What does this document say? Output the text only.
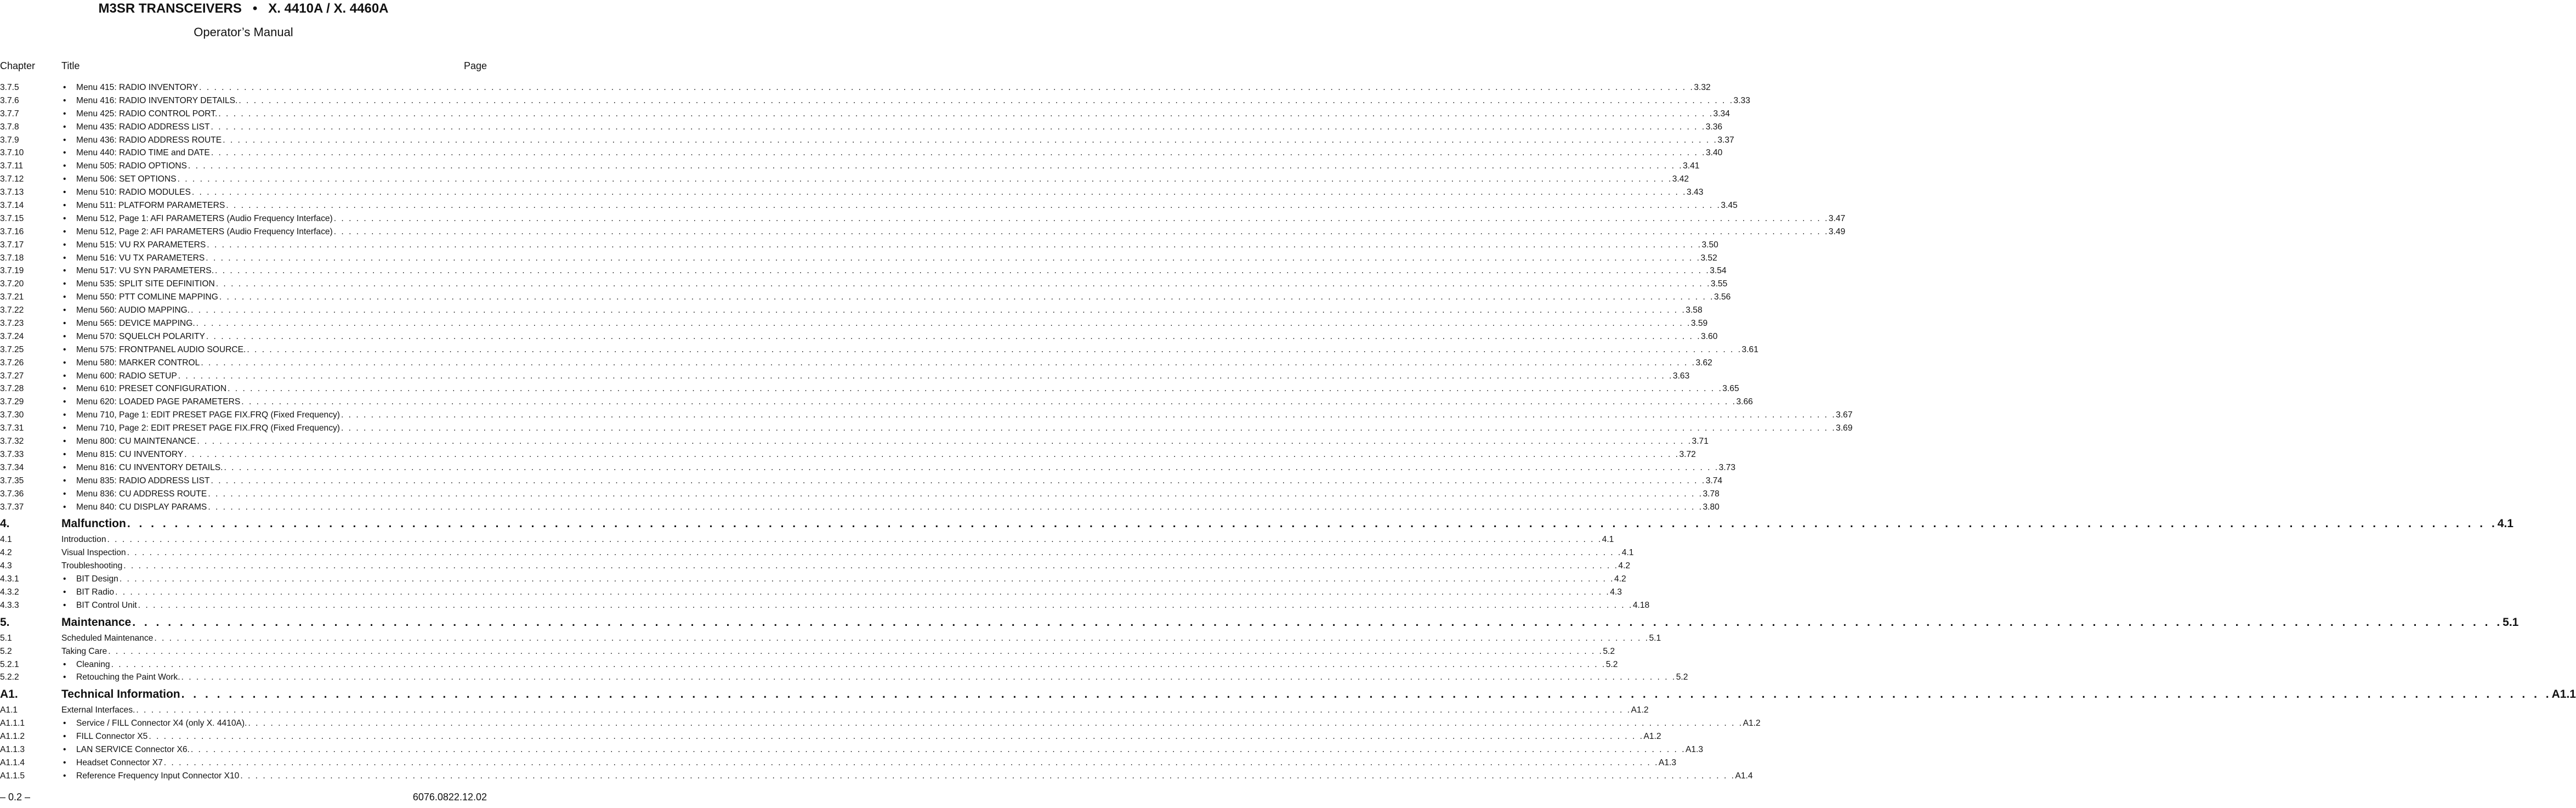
M3SR TRANSCEIVERS   •   X. 4410A / X. 4460A
Operator’s Manual
Chapter	Title	Page
3.7.5	• Menu 415: RADIO INVENTORY . . . . . . . . . . . . . . . . . . . . . . . . . . . . . . . . . . . . . . . . . . . . . . . . . . . . . . . . . . . . . . . . . . . . . . . . . . . . . . . . . . . . . . . . . . . . . . . . . . . . . . . . . . . . . . . . . . . . . . . . . . . . . . . . . . . . . . . . . . . . . . . . . . . . . . . . . . . . . . . . . . . . . . . . . . . . . . . . . . . . . . . . . . . . . . . . . . . . . . . . 3.32
3.7.6	• Menu 416: RADIO INVENTORY DETAILS. . . . . . . . . . . . . . . . . . . . . . . . . . . . . . . . . . . . . . . . . . . . . . . . . . . . . . . . . . . . . . . . . . . . . . . . . . . . . . . . . . . . . . . . . . . . . . . . . . . . . . . . . . . . . . . . . . . . . . . . . . . . . . . . . . . . . . . . . . . . . . . . . . . . . . . . . . . . . . . . . . . . . . . . . . . . . . . . . . . . . . . . . . . . . . . . . . . . . . . . . 3.33
3.7.7	• Menu 425: RADIO CONTROL PORT. . . . . . . . . . . . . . . . . . . . . . . . . . . . . . . . . . . . . . . . . . . . . . . . . . . . . . . . . . . . . . . . . . . . . . . . . . . . . . . . . . . . . . . . . . . . . . . . . . . . . . . . . . . . . . . . . . . . . . . . . . . . . . . . . . . . . . . . . . . . . . . . . . . . . . . . . . . . . . . . . . . . . . . . . . . . . . . . . . . . . . . . . . . . . . . . . . . . . . . . . 3.34
3.7.8	• Menu 435: RADIO ADDRESS LIST . . . . . . . . . . . . . . . . . . . . . . . . . . . . . . . . . . . . . . . . . . . . . . . . . . . . . . . . . . . . . . . . . . . . . . . . . . . . . . . . . . . . . . . . . . . . . . . . . . . . . . . . . . . . . . . . . . . . . . . . . . . . . . . . . . . . . . . . . . . . . . . . . . . . . . . . . . . . . . . . . . . . . . . . . . . . . . . . . . . . . . . . . . . . . . . . . . . . . . . . 3.36
3.7.9	• Menu 436: RADIO ADDRESS ROUTE . . . . . . . . . . . . . . . . . . . . . . . . . . . . . . . . . . . . . . . . . . . . . . . . . . . . . . . . . . . . . . . . . . . . . . . . . . . . . . . . . . . . . . . . . . . . . . . . . . . . . . . . . . . . . . . . . . . . . . . . . . . . . . . . . . . . . . . . . . . . . . . . . . . . . . . . . . . . . . . . . . . . . . . . . . . . . . . . . . . . . . . . . . . . . . . . . . . . . . . . 3.37
3.7.10	• Menu 440: RADIO TIME and DATE . . . . . . . . . . . . . . . . . . . . . . . . . . . . . . . . . . . . . . . . . . . . . . . . . . . . . . . . . . . . . . . . . . . . . . . . . . . . . . . . . . . . . . . . . . . . . . . . . . . . . . . . . . . . . . . . . . . . . . . . . . . . . . . . . . . . . . . . . . . . . . . . . . . . . . . . . . . . . . . . . . . . . . . . . . . . . . . . . . . . . . . . . . . . . . . . . . . . . . . . 3.40
3.7.11	• Menu 505: RADIO OPTIONS . . . . . . . . . . . . . . . . . . . . . . . . . . . . . . . . . . . . . . . . . . . . . . . . . . . . . . . . . . . . . . . . . . . . . . . . . . . . . . . . . . . . . . . . . . . . . . . . . . . . . . . . . . . . . . . . . . . . . . . . . . . . . . . . . . . . . . . . . . . . . . . . . . . . . . . . . . . . . . . . . . . . . . . . . . . . . . . . . . . . . . . . . . . . . . . . . . . . . . . . 3.41
3.7.12	• Menu 506: SET OPTIONS . . . . . . . . . . . . . . . . . . . . . . . . . . . . . . . . . . . . . . . . . . . . . . . . . . . . . . . . . . . . . . . . . . . . . . . . . . . . . . . . . . . . . . . . . . . . . . . . . . . . . . . . . . . . . . . . . . . . . . . . . . . . . . . . . . . . . . . . . . . . . . . . . . . . . . . . . . . . . . . . . . . . . . . . . . . . . . . . . . . . . . . . . . . . . . . . . . . . . . . . 3.42
3.7.13	• Menu 510: RADIO MODULES . . . . . . . . . . . . . . . . . . . . . . . . . . . . . . . . . . . . . . . . . . . . . . . . . . . . . . . . . . . . . . . . . . . . . . . . . . . . . . . . . . . . . . . . . . . . . . . . . . . . . . . . . . . . . . . . . . . . . . . . . . . . . . . . . . . . . . . . . . . . . . . . . . . . . . . . . . . . . . . . . . . . . . . . . . . . . . . . . . . . . . . . . . . . . . . . . . . . . . . . 3.43
3.7.14	• Menu 511: PLATFORM PARAMETERS . . . . . . . . . . . . . . . . . . . . . . . . . . . . . . . . . . . . . . . . . . . . . . . . . . . . . . . . . . . . . . . . . . . . . . . . . . . . . . . . . . . . . . . . . . . . . . . . . . . . . . . . . . . . . . . . . . . . . . . . . . . . . . . . . . . . . . . . . . . . . . . . . . . . . . . . . . . . . . . . . . . . . . . . . . . . . . . . . . . . . . . . . . . . . . . . . . . . . . . . 3.45
3.7.15	• Menu 512, Page 1: AFI PARAMETERS (Audio Frequency Interface) . . . . . . . . . . . . . . . . . . . . . . . . . . . . . . . . . . . . . . . . . . . . . . . . . . . . . . . . . . . . . . . . . . . . . . . . . . . . . . . . . . . . . . . . . . . . . . . . . . . . . . . . . . . . . . . . . . . . . . . . . . . . . . . . . . . . . . . . . . . . . . . . . . . . . . . . . . . . . . . . . . . . . . . . . . . . . . . . . . . . . . . . . . . . . . . . . . . . . . . . 3.47
3.7.16	• Menu 512, Page 2: AFI PARAMETERS (Audio Frequency Interface) . . . . . . . . . . . . . . . . . . . . . . . . . . . . . . . . . . . . . . . . . . . . . . . . . . . . . . . . . . . . . . . . . . . . . . . . . . . . . . . . . . . . . . . . . . . . . . . . . . . . . . . . . . . . . . . . . . . . . . . . . . . . . . . . . . . . . . . . . . . . . . . . . . . . . . . . . . . . . . . . . . . . . . . . . . . . . . . . . . . . . . . . . . . . . . . . . . . . . . . . 3.49
3.7.17	• Menu 515: VU RX PARAMETERS . . . . . . . . . . . . . . . . . . . . . . . . . . . . . . . . . . . . . . . . . . . . . . . . . . . . . . . . . . . . . . . . . . . . . . . . . . . . . . . . . . . . . . . . . . . . . . . . . . . . . . . . . . . . . . . . . . . . . . . . . . . . . . . . . . . . . . . . . . . . . . . . . . . . . . . . . . . . . . . . . . . . . . . . . . . . . . . . . . . . . . . . . . . . . . . . . . . . . . . . 3.50
3.7.18	• Menu 516: VU TX PARAMETERS . . . . . . . . . . . . . . . . . . . . . . . . . . . . . . . . . . . . . . . . . . . . . . . . . . . . . . . . . . . . . . . . . . . . . . . . . . . . . . . . . . . . . . . . . . . . . . . . . . . . . . . . . . . . . . . . . . . . . . . . . . . . . . . . . . . . . . . . . . . . . . . . . . . . . . . . . . . . . . . . . . . . . . . . . . . . . . . . . . . . . . . . . . . . . . . . . . . . . . . . 3.52
3.7.19	• Menu 517: VU SYN PARAMETERS. . . . . . . . . . . . . . . . . . . . . . . . . . . . . . . . . . . . . . . . . . . . . . . . . . . . . . . . . . . . . . . . . . . . . . . . . . . . . . . . . . . . . . . . . . . . . . . . . . . . . . . . . . . . . . . . . . . . . . . . . . . . . . . . . . . . . . . . . . . . . . . . . . . . . . . . . . . . . . . . . . . . . . . . . . . . . . . . . . . . . . . . . . . . . . . . . . . . . . . . . 3.54
3.7.20	• Menu 535: SPLIT SITE DEFINITION . . . . . . . . . . . . . . . . . . . . . . . . . . . . . . . . . . . . . . . . . . . . . . . . . . . . . . . . . . . . . . . . . . . . . . . . . . . . . . . . . . . . . . . . . . . . . . . . . . . . . . . . . . . . . . . . . . . . . . . . . . . . . . . . . . . . . . . . . . . . . . . . . . . . . . . . . . . . . . . . . . . . . . . . . . . . . . . . . . . . . . . . . . . . . . . . . . . . . . . . 3.55
3.7.21	• Menu 550: PTT COMLINE MAPPING . . . . . . . . . . . . . . . . . . . . . . . . . . . . . . . . . . . . . . . . . . . . . . . . . . . . . . . . . . . . . . . . . . . . . . . . . . . . . . . . . . . . . . . . . . . . . . . . . . . . . . . . . . . . . . . . . . . . . . . . . . . . . . . . . . . . . . . . . . . . . . . . . . . . . . . . . . . . . . . . . . . . . . . . . . . . . . . . . . . . . . . . . . . . . . . . . . . . . . . . 3.56
3.7.22	• Menu 560: AUDIO MAPPING. . . . . . . . . . . . . . . . . . . . . . . . . . . . . . . . . . . . . . . . . . . . . . . . . . . . . . . . . . . . . . . . . . . . . . . . . . . . . . . . . . . . . . . . . . . . . . . . . . . . . . . . . . . . . . . . . . . . . . . . . . . . . . . . . . . . . . . . . . . . . . . . . . . . . . . . . . . . . . . . . . . . . . . . . . . . . . . . . . . . . . . . . . . . . . . . . . . . . . . . . 3.58
3.7.23	• Menu 565: DEVICE MAPPING. . . . . . . . . . . . . . . . . . . . . . . . . . . . . . . . . . . . . . . . . . . . . . . . . . . . . . . . . . . . . . . . . . . . . . . . . . . . . . . . . . . . . . . . . . . . . . . . . . . . . . . . . . . . . . . . . . . . . . . . . . . . . . . . . . . . . . . . . . . . . . . . . . . . . . . . . . . . . . . . . . . . . . . . . . . . . . . . . . . . . . . . . . . . . . . . . . . . . . . . . 3.59
3.7.24	• Menu 570: SQUELCH POLARITY . . . . . . . . . . . . . . . . . . . . . . . . . . . . . . . . . . . . . . . . . . . . . . . . . . . . . . . . . . . . . . . . . . . . . . . . . . . . . . . . . . . . . . . . . . . . . . . . . . . . . . . . . . . . . . . . . . . . . . . . . . . . . . . . . . . . . . . . . . . . . . . . . . . . . . . . . . . . . . . . . . . . . . . . . . . . . . . . . . . . . . . . . . . . . . . . . . . . . . . . 3.60
3.7.25	• Menu 575: FRONTPANEL AUDIO SOURCE. . . . . . . . . . . . . . . . . . . . . . . . . . . . . . . . . . . . . . . . . . . . . . . . . . . . . . . . . . . . . . . . . . . . . . . . . . . . . . . . . . . . . . . . . . . . . . . . . . . . . . . . . . . . . . . . . . . . . . . . . . . . . . . . . . . . . . . . . . . . . . . . . . . . . . . . . . . . . . . . . . . . . . . . . . . . . . . . . . . . . . . . . . . . . . . . . . . . . . . . . 3.61
3.7.26	• Menu 580: MARKER CONTROL . . . . . . . . . . . . . . . . . . . . . . . . . . . . . . . . . . . . . . . . . . . . . . . . . . . . . . . . . . . . . . . . . . . . . . . . . . . . . . . . . . . . . . . . . . . . . . . . . . . . . . . . . . . . . . . . . . . . . . . . . . . . . . . . . . . . . . . . . . . . . . . . . . . . . . . . . . . . . . . . . . . . . . . . . . . . . . . . . . . . . . . . . . . . . . . . . . . . . . . . 3.62
3.7.27	• Menu 600: RADIO SETUP . . . . . . . . . . . . . . . . . . . . . . . . . . . . . . . . . . . . . . . . . . . . . . . . . . . . . . . . . . . . . . . . . . . . . . . . . . . . . . . . . . . . . . . . . . . . . . . . . . . . . . . . . . . . . . . . . . . . . . . . . . . . . . . . . . . . . . . . . . . . . . . . . . . . . . . . . . . . . . . . . . . . . . . . . . . . . . . . . . . . . . . . . . . . . . . . . . . . . . . . 3.63
3.7.28	• Menu 610: PRESET CONFIGURATION . . . . . . . . . . . . . . . . . . . . . . . . . . . . . . . . . . . . . . . . . . . . . . . . . . . . . . . . . . . . . . . . . . . . . . . . . . . . . . . . . . . . . . . . . . . . . . . . . . . . . . . . . . . . . . . . . . . . . . . . . . . . . . . . . . . . . . . . . . . . . . . . . . . . . . . . . . . . . . . . . . . . . . . . . . . . . . . . . . . . . . . . . . . . . . . . . . . . . . . . 3.65
3.7.29	• Menu 620: LOADED PAGE PARAMETERS . . . . . . . . . . . . . . . . . . . . . . . . . . . . . . . . . . . . . . . . . . . . . . . . . . . . . . . . . . . . . . . . . . . . . . . . . . . . . . . . . . . . . . . . . . . . . . . . . . . . . . . . . . . . . . . . . . . . . . . . . . . . . . . . . . . . . . . . . . . . . . . . . . . . . . . . . . . . . . . . . . . . . . . . . . . . . . . . . . . . . . . . . . . . . . . . . . . . . . . . 3.66
3.7.30	• Menu 710, Page 1: EDIT PRESET PAGE FIX.FRQ (Fixed Frequency) . . . . . . . . . . . . . . . . . . . . . . . . . . . . . . . . . . . . . . . . . . . . . . . . . . . . . . . . . . . . . . . . . . . . . . . . . . . . . . . . . . . . . . . . . . . . . . . . . . . . . . . . . . . . . . . . . . . . . . . . . . . . . . . . . . . . . . . . . . . . . . . . . . . . . . . . . . . . . . . . . . . . . . . . . . . . . . . . . . . . . . . . . . . . . . . . . . . . . . . . 3.67
3.7.31	• Menu 710, Page 2: EDIT PRESET PAGE FIX.FRQ (Fixed Frequency) . . . . . . . . . . . . . . . . . . . . . . . . . . . . . . . . . . . . . . . . . . . . . . . . . . . . . . . . . . . . . . . . . . . . . . . . . . . . . . . . . . . . . . . . . . . . . . . . . . . . . . . . . . . . . . . . . . . . . . . . . . . . . . . . . . . . . . . . . . . . . . . . . . . . . . . . . . . . . . . . . . . . . . . . . . . . . . . . . . . . . . . . . . . . . . . . . . . . . . . . 3.69
3.7.32	• Menu 800: CU MAINTENANCE . . . . . . . . . . . . . . . . . . . . . . . . . . . . . . . . . . . . . . . . . . . . . . . . . . . . . . . . . . . . . . . . . . . . . . . . . . . . . . . . . . . . . . . . . . . . . . . . . . . . . . . . . . . . . . . . . . . . . . . . . . . . . . . . . . . . . . . . . . . . . . . . . . . . . . . . . . . . . . . . . . . . . . . . . . . . . . . . . . . . . . . . . . . . . . . . . . . . . . . . 3.71
3.7.33	• Menu 815: CU INVENTORY . . . . . . . . . . . . . . . . . . . . . . . . . . . . . . . . . . . . . . . . . . . . . . . . . . . . . . . . . . . . . . . . . . . . . . . . . . . . . . . . . . . . . . . . . . . . . . . . . . . . . . . . . . . . . . . . . . . . . . . . . . . . . . . . . . . . . . . . . . . . . . . . . . . . . . . . . . . . . . . . . . . . . . . . . . . . . . . . . . . . . . . . . . . . . . . . . . . . . . . . 3.72
3.7.34	• Menu 816: CU INVENTORY DETAILS. . . . . . . . . . . . . . . . . . . . . . . . . . . . . . . . . . . . . . . . . . . . . . . . . . . . . . . . . . . . . . . . . . . . . . . . . . . . . . . . . . . . . . . . . . . . . . . . . . . . . . . . . . . . . . . . . . . . . . . . . . . . . . . . . . . . . . . . . . . . . . . . . . . . . . . . . . . . . . . . . . . . . . . . . . . . . . . . . . . . . . . . . . . . . . . . . . . . . . . . . 3.73
3.7.35	• Menu 835: RADIO ADDRESS LIST . . . . . . . . . . . . . . . . . . . . . . . . . . . . . . . . . . . . . . . . . . . . . . . . . . . . . . . . . . . . . . . . . . . . . . . . . . . . . . . . . . . . . . . . . . . . . . . . . . . . . . . . . . . . . . . . . . . . . . . . . . . . . . . . . . . . . . . . . . . . . . . . . . . . . . . . . . . . . . . . . . . . . . . . . . . . . . . . . . . . . . . . . . . . . . . . . . . . . . . . 3.74
3.7.36	• Menu 836: CU ADDRESS ROUTE . . . . . . . . . . . . . . . . . . . . . . . . . . . . . . . . . . . . . . . . . . . . . . . . . . . . . . . . . . . . . . . . . . . . . . . . . . . . . . . . . . . . . . . . . . . . . . . . . . . . . . . . . . . . . . . . . . . . . . . . . . . . . . . . . . . . . . . . . . . . . . . . . . . . . . . . . . . . . . . . . . . . . . . . . . . . . . . . . . . . . . . . . . . . . . . . . . . . . . . . 3.78
3.7.37	• Menu 840: CU DISPLAY PARAMS . . . . . . . . . . . . . . . . . . . . . . . . . . . . . . . . . . . . . . . . . . . . . . . . . . . . . . . . . . . . . . . . . . . . . . . . . . . . . . . . . . . . . . . . . . . . . . . . . . . . . . . . . . . . . . . . . . . . . . . . . . . . . . . . . . . . . . . . . . . . . . . . . . . . . . . . . . . . . . . . . . . . . . . . . . . . . . . . . . . . . . . . . . . . . . . . . . . . . . . . 3.80
4.	Malfunction . . . . . . . . . . . . . . . . . . . . . . . . . . . . . . . . . . . . . . . . . . . . . . . . . . . . . . . . . . . . . . . . . . . . . . . . . . . . . . . . . . . . . . . . . . . . . . . . . . . . . . . . . . . . . . . . . . . . . . . . . . . . . . . . . . . . . . . . . . . . . . . . . . . . . . . . . . . . . . . . . . . . . . . . . . . . . . . . . . . . . . . . . . . . . . . . . . . . . . . . 4.1
4.1	Introduction . . . . . . . . . . . . . . . . . . . . . . . . . . . . . . . . . . . . . . . . . . . . . . . . . . . . . . . . . . . . . . . . . . . . . . . . . . . . . . . . . . . . . . . . . . . . . . . . . . . . . . . . . . . . . . . . . . . . . . . . . . . . . . . . . . . . . . . . . . . . . . . . . . . . . . . . . . . . . . . . . . . . . . . . . . . . . . . . . . . . . . . . . . . . . . . . . . . . . . . . 4.1
4.2	Visual Inspection . . . . . . . . . . . . . . . . . . . . . . . . . . . . . . . . . . . . . . . . . . . . . . . . . . . . . . . . . . . . . . . . . . . . . . . . . . . . . . . . . . . . . . . . . . . . . . . . . . . . . . . . . . . . . . . . . . . . . . . . . . . . . . . . . . . . . . . . . . . . . . . . . . . . . . . . . . . . . . . . . . . . . . . . . . . . . . . . . . . . . . . . . . . . . . . . . . . . . . . . 4.1
4.3	Troubleshooting . . . . . . . . . . . . . . . . . . . . . . . . . . . . . . . . . . . . . . . . . . . . . . . . . . . . . . . . . . . . . . . . . . . . . . . . . . . . . . . . . . . . . . . . . . . . . . . . . . . . . . . . . . . . . . . . . . . . . . . . . . . . . . . . . . . . . . . . . . . . . . . . . . . . . . . . . . . . . . . . . . . . . . . . . . . . . . . . . . . . . . . . . . . . . . . . . . . . . . . . 4.2
4.3.1	• BIT Design . . . . . . . . . . . . . . . . . . . . . . . . . . . . . . . . . . . . . . . . . . . . . . . . . . . . . . . . . . . . . . . . . . . . . . . . . . . . . . . . . . . . . . . . . . . . . . . . . . . . . . . . . . . . . . . . . . . . . . . . . . . . . . . . . . . . . . . . . . . . . . . . . . . . . . . . . . . . . . . . . . . . . . . . . . . . . . . . . . . . . . . . . . . . . . . . . . . . . . . . 4.2
4.3.2	• BIT Radio . . . . . . . . . . . . . . . . . . . . . . . . . . . . . . . . . . . . . . . . . . . . . . . . . . . . . . . . . . . . . . . . . . . . . . . . . . . . . . . . . . . . . . . . . . . . . . . . . . . . . . . . . . . . . . . . . . . . . . . . . . . . . . . . . . . . . . . . . . . . . . . . . . . . . . . . . . . . . . . . . . . . . . . . . . . . . . . . . . . . . . . . . . . . . . . . . . . . . . . . 4.3
4.3.3	• BIT Control Unit . . . . . . . . . . . . . . . . . . . . . . . . . . . . . . . . . . . . . . . . . . . . . . . . . . . . . . . . . . . . . . . . . . . . . . . . . . . . . . . . . . . . . . . . . . . . . . . . . . . . . . . . . . . . . . . . . . . . . . . . . . . . . . . . . . . . . . . . . . . . . . . . . . . . . . . . . . . . . . . . . . . . . . . . . . . . . . . . . . . . . . . . . . . . . . . . . . . . . . . . 4.18
5.	Maintenance . . . . . . . . . . . . . . . . . . . . . . . . . . . . . . . . . . . . . . . . . . . . . . . . . . . . . . . . . . . . . . . . . . . . . . . . . . . . . . . . . . . . . . . . . . . . . . . . . . . . . . . . . . . . . . . . . . . . . . . . . . . . . . . . . . . . . . . . . . . . . . . . . . . . . . . . . . . . . . . . . . . . . . . . . . . . . . . . . . . . . . . . . . . . . . . . . . . . . . . . 5.1
5.1	Scheduled Maintenance . . . . . . . . . . . . . . . . . . . . . . . . . . . . . . . . . . . . . . . . . . . . . . . . . . . . . . . . . . . . . . . . . . . . . . . . . . . . . . . . . . . . . . . . . . . . . . . . . . . . . . . . . . . . . . . . . . . . . . . . . . . . . . . . . . . . . . . . . . . . . . . . . . . . . . . . . . . . . . . . . . . . . . . . . . . . . . . . . . . . . . . . . . . . . . . . . . . . . . . . 5.1
5.2	Taking Care . . . . . . . . . . . . . . . . . . . . . . . . . . . . . . . . . . . . . . . . . . . . . . . . . . . . . . . . . . . . . . . . . . . . . . . . . . . . . . . . . . . . . . . . . . . . . . . . . . . . . . . . . . . . . . . . . . . . . . . . . . . . . . . . . . . . . . . . . . . . . . . . . . . . . . . . . . . . . . . . . . . . . . . . . . . . . . . . . . . . . . . . . . . . . . . . . . . . . . . . 5.2
5.2.1	• Cleaning . . . . . . . . . . . . . . . . . . . . . . . . . . . . . . . . . . . . . . . . . . . . . . . . . . . . . . . . . . . . . . . . . . . . . . . . . . . . . . . . . . . . . . . . . . . . . . . . . . . . . . . . . . . . . . . . . . . . . . . . . . . . . . . . . . . . . . . . . . . . . . . . . . . . . . . . . . . . . . . . . . . . . . . . . . . . . . . . . . . . . . . . . . . . . . . . . . . . . . . . 5.2
5.2.2	• Retouching the Paint Work. . . . . . . . . . . . . . . . . . . . . . . . . . . . . . . . . . . . . . . . . . . . . . . . . . . . . . . . . . . . . . . . . . . . . . . . . . . . . . . . . . . . . . . . . . . . . . . . . . . . . . . . . . . . . . . . . . . . . . . . . . . . . . . . . . . . . . . . . . . . . . . . . . . . . . . . . . . . . . . . . . . . . . . . . . . . . . . . . . . . . . . . . . . . . . . . . . . . . . . . . 5.2
A1.	Technical Information . . . . . . . . . . . . . . . . . . . . . . . . . . . . . . . . . . . . . . . . . . . . . . . . . . . . . . . . . . . . . . . . . . . . . . . . . . . . . . . . . . . . . . . . . . . . . . . . . . . . . . . . . . . . . . . . . . . . . . . . . . . . . . . . . . . . . . . . . . . . . . . . . . . . . . . . . . . . . . . . . . . . . . . . . . . . . . . . . . . . . . . . . . . . . . . . . . . . . . . . A1.1
A1.1	External Interfaces. . . . . . . . . . . . . . . . . . . . . . . . . . . . . . . . . . . . . . . . . . . . . . . . . . . . . . . . . . . . . . . . . . . . . . . . . . . . . . . . . . . . . . . . . . . . . . . . . . . . . . . . . . . . . . . . . . . . . . . . . . . . . . . . . . . . . . . . . . . . . . . . . . . . . . . . . . . . . . . . . . . . . . . . . . . . . . . . . . . . . . . . . . . . . . . . . . . . . . . . . A1.2
A1.1.1	• Service / FILL Connector X4 (only X. 4410A). . . . . . . . . . . . . . . . . . . . . . . . . . . . . . . . . . . . . . . . . . . . . . . . . . . . . . . . . . . . . . . . . . . . . . . . . . . . . . . . . . . . . . . . . . . . . . . . . . . . . . . . . . . . . . . . . . . . . . . . . . . . . . . . . . . . . . . . . . . . . . . . . . . . . . . . . . . . . . . . . . . . . . . . . . . . . . . . . . . . . . . . . . . . . . . . . . . . . . . . . A1.2
A1.1.2	• FILL Connector X5 . . . . . . . . . . . . . . . . . . . . . . . . . . . . . . . . . . . . . . . . . . . . . . . . . . . . . . . . . . . . . . . . . . . . . . . . . . . . . . . . . . . . . . . . . . . . . . . . . . . . . . . . . . . . . . . . . . . . . . . . . . . . . . . . . . . . . . . . . . . . . . . . . . . . . . . . . . . . . . . . . . . . . . . . . . . . . . . . . . . . . . . . . . . . . . . . . . . . . . . . A1.2
A1.1.3	• LAN SERVICE Connector X6. . . . . . . . . . . . . . . . . . . . . . . . . . . . . . . . . . . . . . . . . . . . . . . . . . . . . . . . . . . . . . . . . . . . . . . . . . . . . . . . . . . . . . . . . . . . . . . . . . . . . . . . . . . . . . . . . . . . . . . . . . . . . . . . . . . . . . . . . . . . . . . . . . . . . . . . . . . . . . . . . . . . . . . . . . . . . . . . . . . . . . . . . . . . . . . . . . . . . . . . . A1.3
A1.1.4	• Headset Connector X7 . . . . . . . . . . . . . . . . . . . . . . . . . . . . . . . . . . . . . . . . . . . . . . . . . . . . . . . . . . . . . . . . . . . . . . . . . . . . . . . . . . . . . . . . . . . . . . . . . . . . . . . . . . . . . . . . . . . . . . . . . . . . . . . . . . . . . . . . . . . . . . . . . . . . . . . . . . . . . . . . . . . . . . . . . . . . . . . . . . . . . . . . . . . . . . . . . . . . . . . . A1.3
A1.1.5	• Reference Frequency Input Connector X10 . . . . . . . . . . . . . . . . . . . . . . . . . . . . . . . . . . . . . . . . . . . . . . . . . . . . . . . . . . . . . . . . . . . . . . . . . . . . . . . . . . . . . . . . . . . . . . . . . . . . . . . . . . . . . . . . . . . . . . . . . . . . . . . . . . . . . . . . . . . . . . . . . . . . . . . . . . . . . . . . . . . . . . . . . . . . . . . . . . . . . . . . . . . . . . . . . . . . . . . . A1.4
– 0.2 –	6076.0822.12.02
